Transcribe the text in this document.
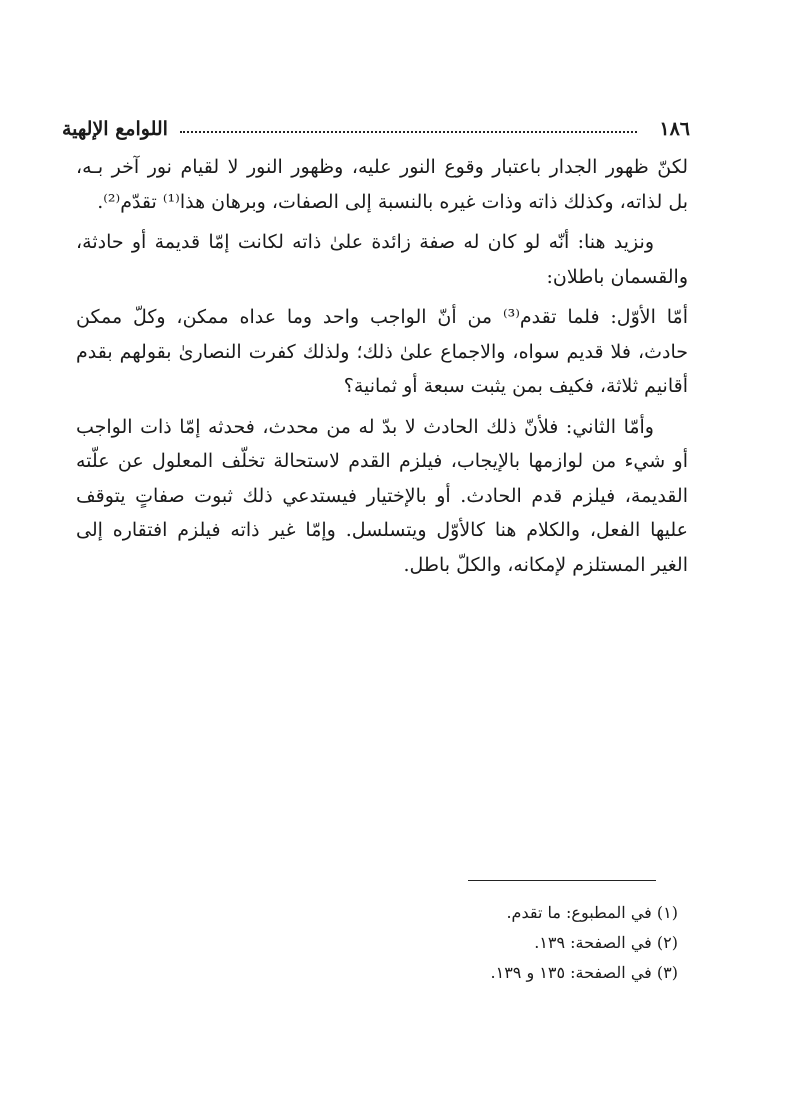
١٨٦
اللوامع الإلهية
لكنّ ظهور الجدار باعتبار وقوع النور عليه، وظهور النور لا لقيام نور آخر بـه،
بل لذاته، وكذلك ذاته وذات غيره بالنسبة إلى الصفات، وبرهان هذا⁽¹⁾ تقدّم⁽²⁾.
ونزيد هنا: أنّه لو كان له صفة زائدة علىٰ ذاته لكانت إمّا قديمة أو حادثة،
والقسمان باطلان:
أمّا الأوّل: فلما تقدم⁽³⁾ من أنّ الواجب واحد وما عداه ممكن، وكلّ ممكن
حادث، فلا قديم سواه، والاجماع علىٰ ذلك؛ ولذلك كفرت النصارىٰ بقولهم بقدم
أقانيم ثلاثة، فكيف بمن يثبت سبعة أو ثمانية؟
وأمّا الثاني: فلأنّ ذلك الحادث لا بدّ له من محدث، فحدثه إمّا ذات الواجب
أو شيء من لوازمها بالإيجاب، فيلزم القدم لاستحالة تخلّف المعلول عن علّته
القديمة، فيلزم قدم الحادث. أو بالإختيار فيستدعي ذلك ثبوت صفاتٍ يتوقف
عليها الفعل، والكلام هنا كالأوّل ويتسلسل. وإمّا غير ذاته فيلزم افتقاره إلى
الغير المستلزم لإمكانه، والكلّ باطل.
(١) في المطبوع: ما تقدم.
(٢) في الصفحة: ١٣٩.
(٣) في الصفحة: ١٣٥ و ١٣٩.
